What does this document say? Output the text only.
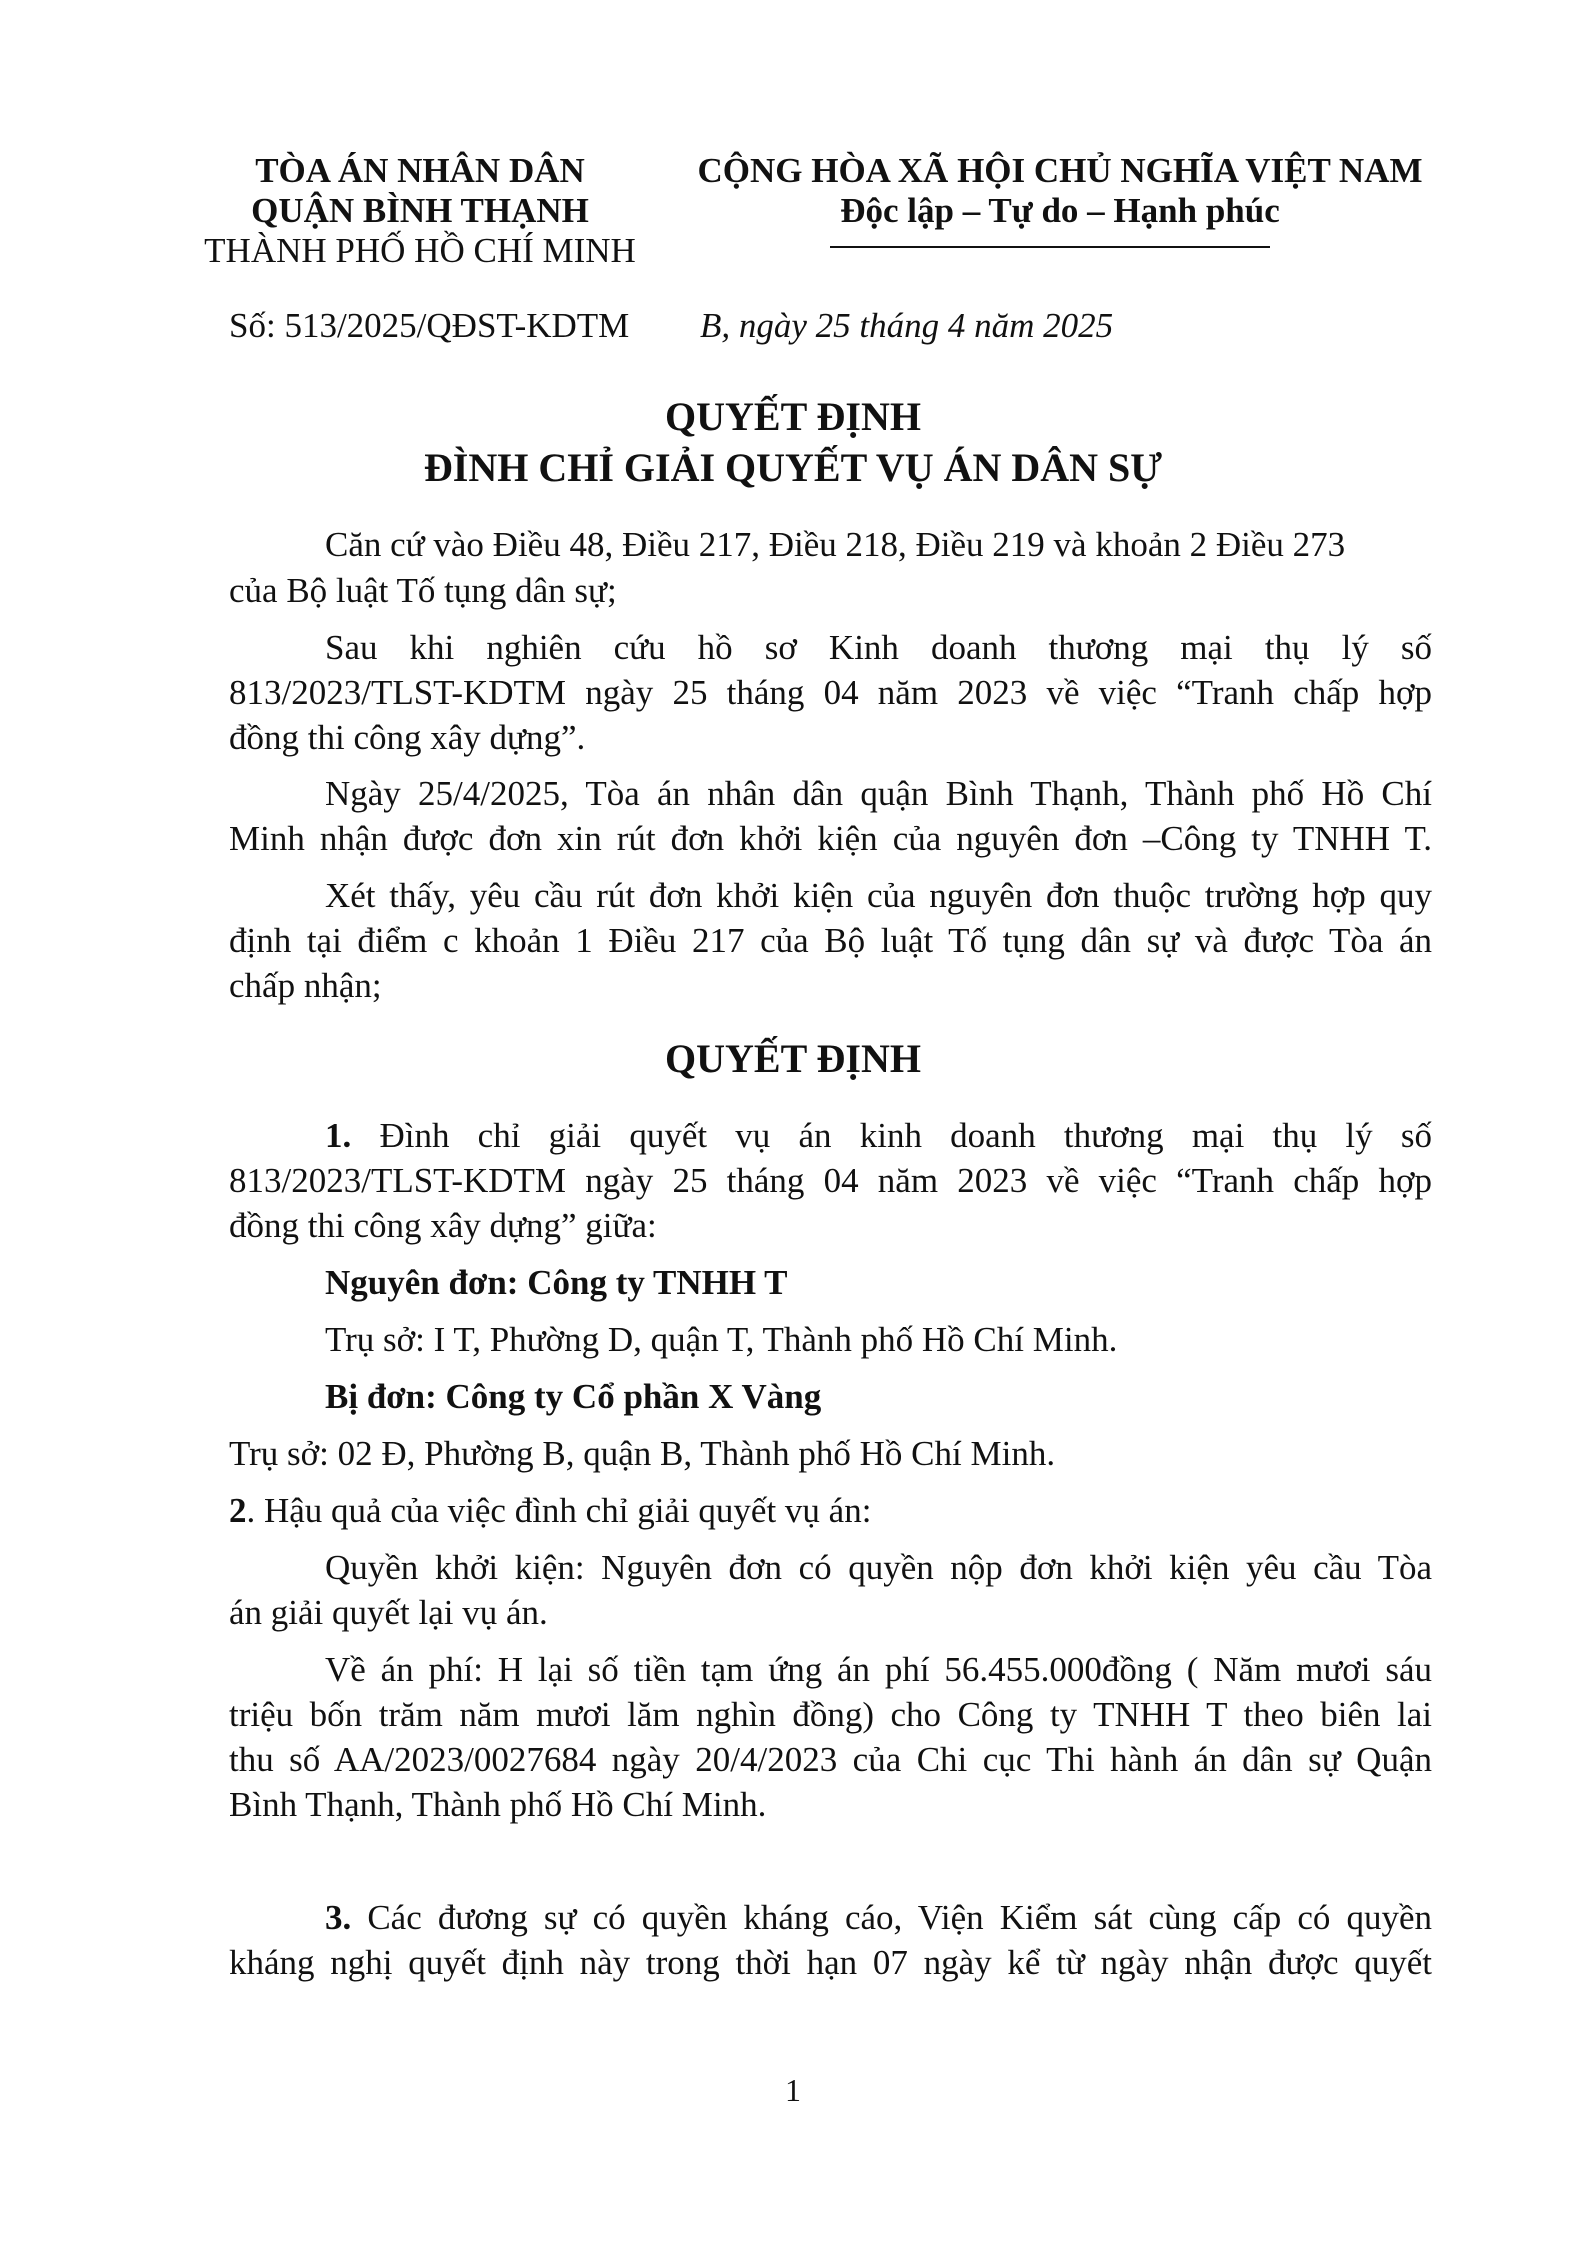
TÒA ÁN NHÂN DÂN
QUẬN BÌNH THẠNH
THÀNH PHỐ HỒ CHÍ MINH
CỘNG HÒA XÃ HỘI CHỦ NGHĨA VIỆT NAM
Độc lập – Tự do – Hạnh phúc
Số: 513/2025/QĐST-KDTM B, ngày 25 tháng 4 năm 2025
QUYẾT ĐỊNH
ĐÌNH CHỈ GIẢI QUYẾT VỤ ÁN DÂN SỰ
Căn cứ vào Điều 48, Điều 217, Điều 218, Điều 219 và khoản 2 Điều 273
của Bộ luật Tố tụng dân sự;
Sau khi nghiên cứu hồ sơ Kinh doanh thương mại thụ lý số
813/2023/TLST-KDTM ngày 25 tháng 04 năm 2023 về việc “Tranh chấp hợp
đồng thi công xây dựng”.
Ngày 25/4/2025, Tòa án nhân dân quận Bình Thạnh, Thành phố Hồ Chí
Minh nhận được đơn xin rút đơn khởi kiện của nguyên đơn –Công ty TNHH T.
Xét thấy, yêu cầu rút đơn khởi kiện của nguyên đơn thuộc trường hợp quy
định tại điểm c khoản 1 Điều 217 của Bộ luật Tố tụng dân sự và được Tòa án
chấp nhận;
QUYẾT ĐỊNH
1. Đình chỉ giải quyết vụ án kinh doanh thương mại thụ lý số
813/2023/TLST-KDTM ngày 25 tháng 04 năm 2023 về việc “Tranh chấp hợp
đồng thi công xây dựng” giữa:
Nguyên đơn: Công ty TNHH T
Trụ sở: I T, Phường D, quận T, Thành phố Hồ Chí Minh.
Bị đơn: Công ty Cổ phần X Vàng
Trụ sở: 02 Đ, Phường B, quận B, Thành phố Hồ Chí Minh.
2. Hậu quả của việc đình chỉ giải quyết vụ án:
Quyền khởi kiện: Nguyên đơn có quyền nộp đơn khởi kiện yêu cầu Tòa
án giải quyết lại vụ án.
Về án phí: H lại số tiền tạm ứng án phí 56.455.000đồng ( Năm mươi sáu
triệu bốn trăm năm mươi lăm nghìn đồng) cho Công ty TNHH T theo biên lai
thu số AA/2023/0027684 ngày 20/4/2023 của Chi cục Thi hành án dân sự Quận
Bình Thạnh, Thành phố Hồ Chí Minh.
3. Các đương sự có quyền kháng cáo, Viện Kiểm sát cùng cấp có quyền
kháng nghị quyết định này trong thời hạn 07 ngày kể từ ngày nhận được quyết
1
